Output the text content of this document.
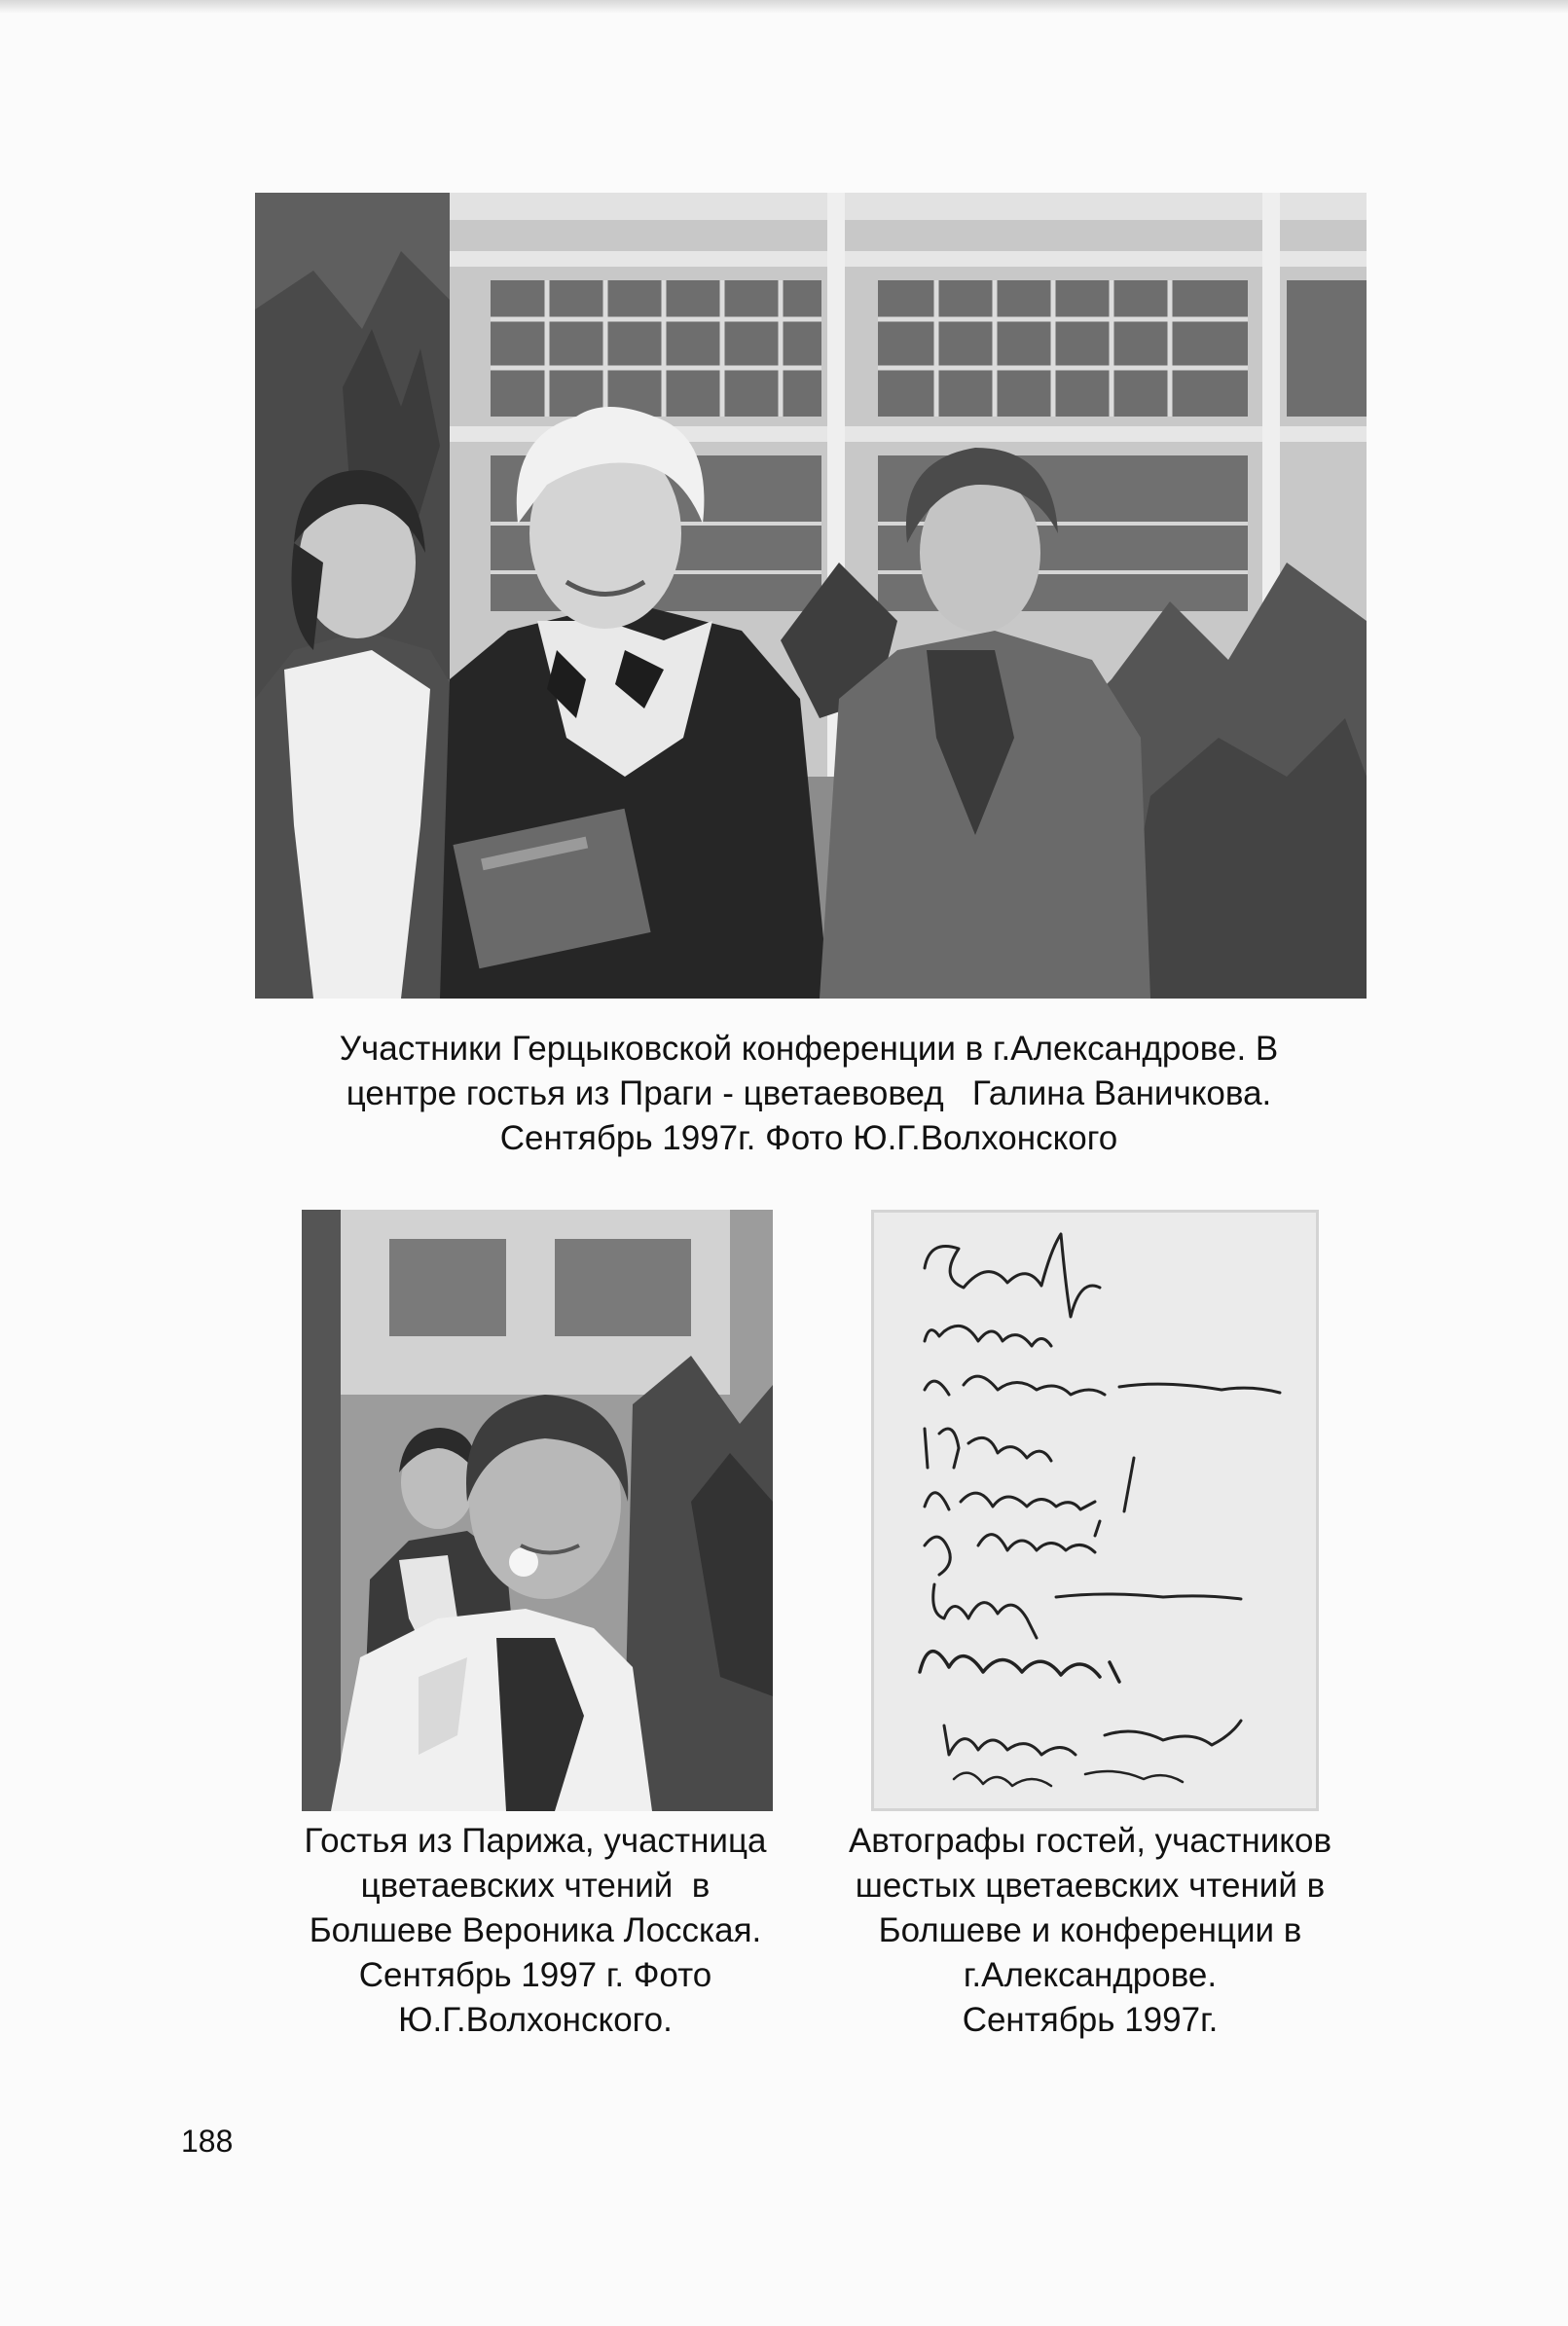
Участники Герцыковской конференции в г.Александрове. В
центре гостья из Праги - цветаевовед   Галина Ваничкова.
Сентябрь 1997г. Фото Ю.Г.Волхонского
Гостья из Парижа, участница
цветаевских чтений  в
Болшеве Вероника Лосская.
Сентябрь 1997 г. Фото
Ю.Г.Волхонского.
Автографы гостей, участников
шестых цветаевских чтений в
Болшеве и конференции в
г.Александрове.
Сентябрь 1997г.
188
